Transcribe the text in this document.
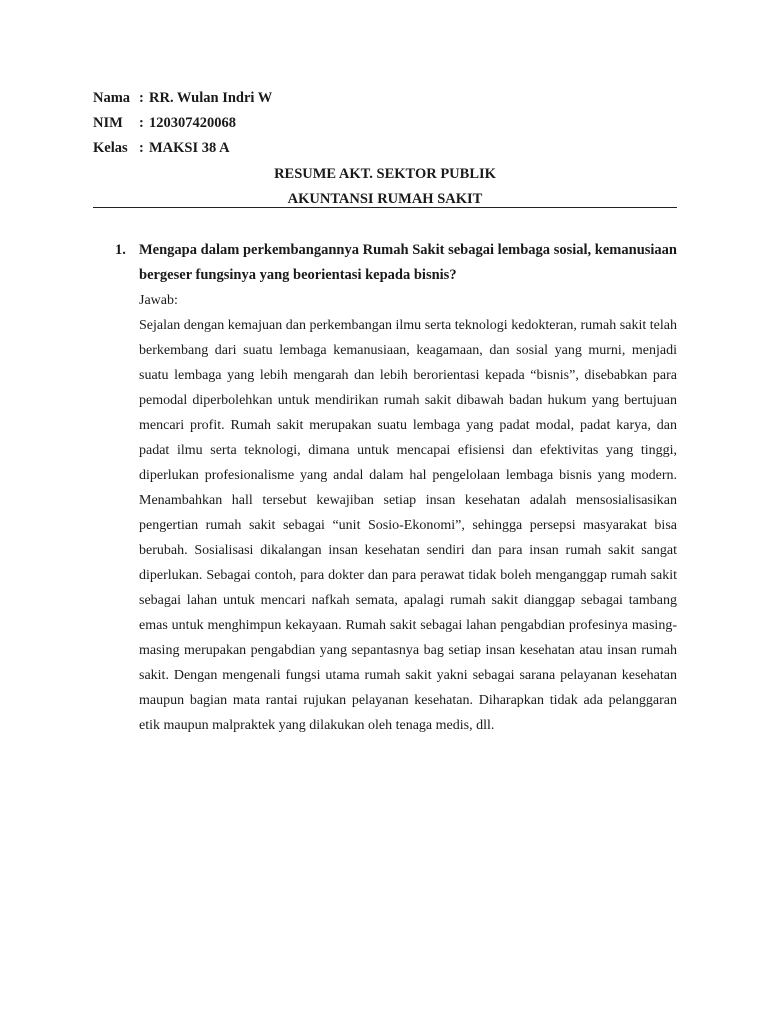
Nama : RR. Wulan Indri W
NIM	: 120307420068
Kelas : MAKSI 38 A
RESUME AKT. SEKTOR PUBLIK
AKUNTANSI RUMAH SAKIT
1. Mengapa dalam perkembangannya Rumah Sakit sebagai lembaga sosial, kemanusiaan bergeser fungsinya yang beorientasi kepada bisnis?

Jawab:

Sejalan dengan kemajuan dan perkembangan ilmu serta teknologi kedokteran, rumah sakit telah berkembang dari suatu lembaga kemanusiaan, keagamaan, dan sosial yang murni, menjadi suatu lembaga yang lebih mengarah dan lebih berorientasi kepada “bisnis”, disebabkan para pemodal diperbolehkan untuk mendirikan rumah sakit dibawah badan hukum yang bertujuan mencari profit. Rumah sakit merupakan suatu lembaga yang padat modal, padat karya, dan padat ilmu serta teknologi, dimana untuk mencapai efisiensi dan efektivitas yang tinggi, diperlukan profesionalisme yang andal dalam hal pengelolaan lembaga bisnis yang modern. Menambahkan hall tersebut kewajiban setiap insan kesehatan adalah mensosialisasikan pengertian rumah sakit sebagai “unit Sosio-Ekonomi”, sehingga persepsi masyarakat bisa berubah. Sosialisasi dikalangan insan kesehatan sendiri dan para insan rumah sakit sangat diperlukan. Sebagai contoh, para dokter dan para perawat tidak boleh menganggap rumah sakit sebagai lahan untuk mencari nafkah semata, apalagi rumah sakit dianggap sebagai tambang emas untuk menghimpun kekayaan. Rumah sakit sebagai lahan pengabdian profesinya masing-masing merupakan pengabdian yang sepantasnya bag setiap insan kesehatan atau insan rumah sakit. Dengan mengenali fungsi utama rumah sakit yakni sebagai sarana pelayanan kesehatan maupun bagian mata rantai rujukan pelayanan kesehatan. Diharapkan tidak ada pelanggaran etik maupun malpraktek yang dilakukan oleh tenaga medis, dll.
